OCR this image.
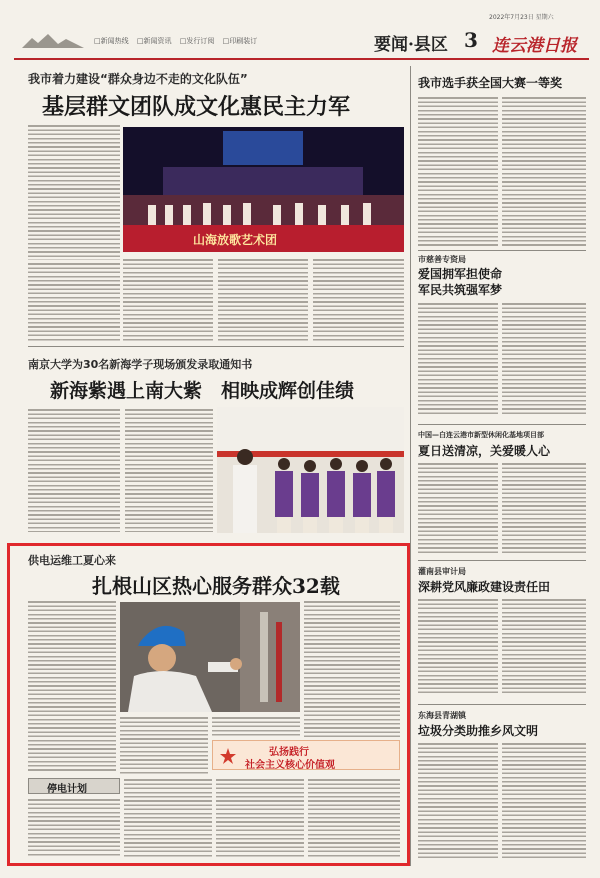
□新闻热线 □新闻资讯 □发行订阅 □印刷装订	要闻·县区 3
2022年7月23日 星期六
连云港日报
我市着力建设“群众身边不走的文化队伍”
基层群文团队成文化惠民主力军
山海放歌艺术团
南京大学为30名新海学子现场颁发录取通知书
新海紫遇上南大紫　相映成辉创佳绩
供电运维工夏心来
扎根山区热心服务群众32载
弘扬践行
社会主义核心价值观
停电计划
我市选手获全国大赛一等奖
市慈善专资局
爱国拥军担使命
军民共筑强军梦
中国—白连云港市新型休闲化基地项目部
夏日送清凉，关爱暖人心
灌南县审计局
深耕党风廉政建设责任田
东海县青湖镇
垃圾分类助推乡风文明
